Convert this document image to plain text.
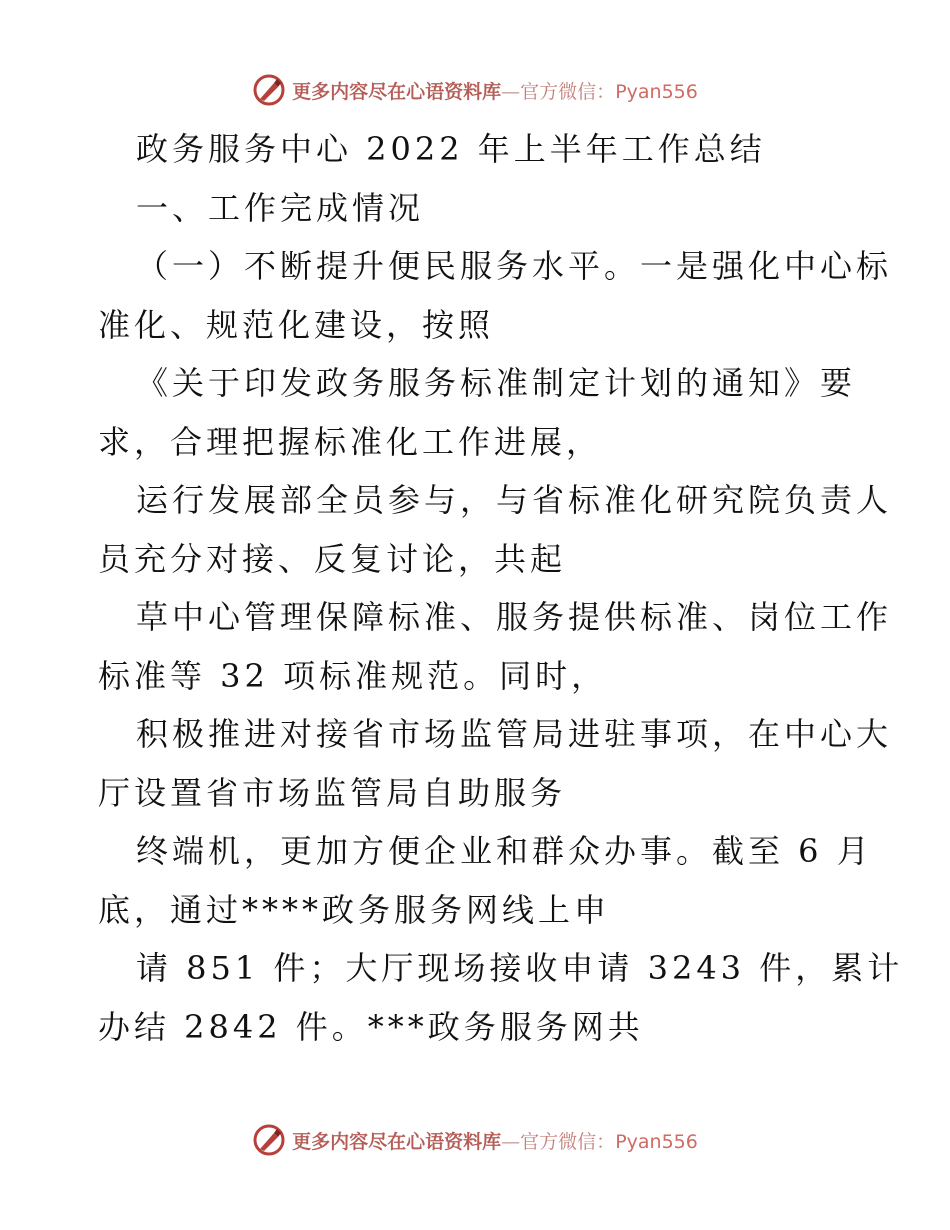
更多内容尽在心语资料库—官方微信：Pyan556
政务服务中心 2022 年上半年工作总结
一、工作完成情况
（一）不断提升便民服务水平。一是强化中心标
准化、规范化建设，按照
《关于印发政务服务标准制定计划的通知》要
求，合理把握标准化工作进展，
运行发展部全员参与，与省标准化研究院负责人
员充分对接、反复讨论，共起
草中心管理保障标准、服务提供标准、岗位工作
标准等 32 项标准规范。同时，
积极推进对接省市场监管局进驻事项，在中心大
厅设置省市场监管局自助服务
终端机，更加方便企业和群众办事。截至 6 月
底，通过****政务服务网线上申
请 851 件；大厅现场接收申请 3243 件，累计
办结 2842 件。***政务服务网共
更多内容尽在心语资料库—官方微信：Pyan556
